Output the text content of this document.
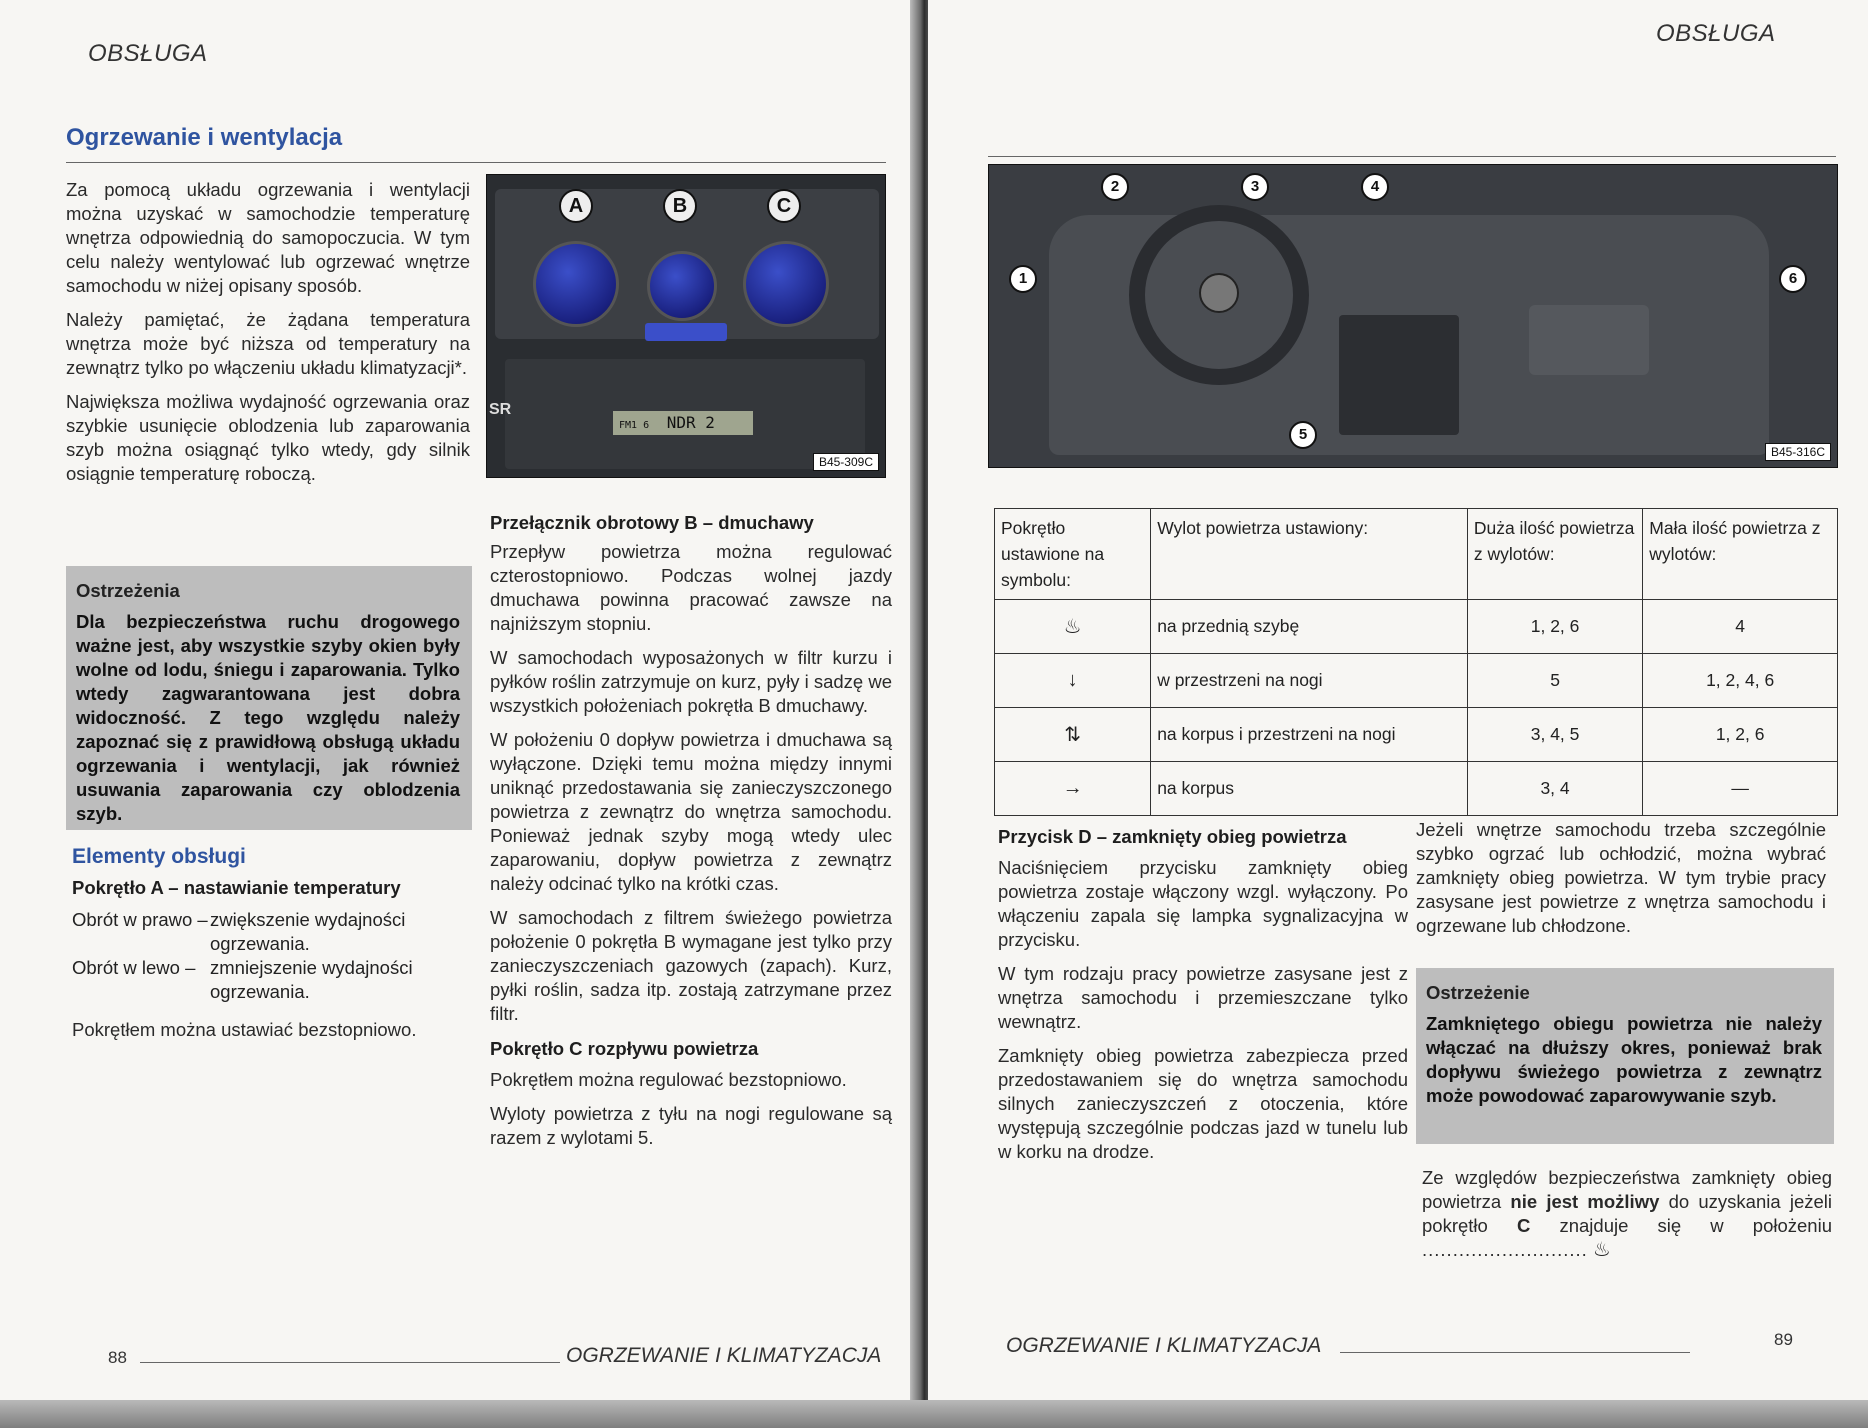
OBSŁUGA
Ogrzewanie i wentylacja

Za pomocą układu ogrzewania i wentylacji można uzyskać w samochodzie temperaturę wnętrza odpowiednią do samopoczucia. W tym celu należy wentylować lub ogrzewać wnętrze samochodu w niżej opisany sposób.

Należy pamiętać, że żądana temperatura wnętrza może być niższa od temperatury na zewnątrz tylko po włączeniu układu klimatyzacji*.

Największa możliwa wydajność ogrzewania oraz szybkie usunięcie oblodzenia lub zaparowania szyb można osiągnąć tylko wtedy, gdy silnik osiągnie temperaturę roboczą.

Ostrzeżenia
Dla bezpieczeństwa ruchu drogowego ważne jest, aby wszystkie szyby okien były wolne od lodu, śniegu i zaparowania. Tylko wtedy zagwarantowana jest dobra widoczność. Z tego względu należy zapoznać się z prawidłową obsługą układu ogrzewania i wentylacji, jak również usuwania zaparowania czy oblodzenia szyb.
Elementy obsługi
Pokrętło A – nastawianie temperatury
Obrót w prawo – zwiększenie wydajności ogrzewania.
Obrót w lewo – zmniejszenie wydajności ogrzewania.
Pokrętłem można ustawiać bezstopniowo.
A	B	C
SR
FM1 6 NDR 2
B45-309C
Przełącznik obrotowy B – dmuchawy

Przepływ powietrza można regulować czterostopniowo. Podczas wolnej jazdy dmuchawa powinna pracować zawsze na najniższym stopniu.

W samochodach wyposażonych w filtr kurzu i pyłków roślin zatrzymuje on kurz, pyły i sadzę we wszystkich położeniach pokrętła B dmuchawy.

W położeniu 0 dopływ powietrza i dmuchawa są wyłączone. Dzięki temu można między innymi uniknąć przedostawania się zanieczyszczonego powietrza z zewnątrz do wnętrza samochodu. Ponieważ jednak szyby mogą wtedy ulec zaparowaniu, dopływ powietrza z zewnątrz należy odcinać tylko na krótki czas.

W samochodach z filtrem świeżego powietrza położenie 0 pokrętła B wymagane jest tylko przy zanieczyszczeniach gazowych (zapach). Kurz, pyłki roślin, sadza itp. zostają zatrzymane przez filtr.

Pokrętło C rozpływu powietrza

Pokrętłem można regulować bezstopniowo.

Wyloty powietrza z tyłu na nogi regulowane są razem z wylotami 5.

88	OGRZEWANIE I KLIMATYZACJA
OBSŁUGA
2	3	4
1
5
6
B45-316C
Pokrętło ustawione na symbolu:	Wylot powietrza ustawiony:	Duża ilość powietrza z wylotów:	Mała ilość powietrza z wylotów:
♨	na przednią szybę	1, 2, 6	4
↓	w przestrzeni na nogi	5	1, 2, 4, 6
⇅	na korpus i przestrzeni na nogi	3, 4, 5	1, 2, 6
→	na korpus	3, 4	—
Przycisk D – zamknięty obieg powietrza

Naciśnięciem przycisku zamknięty obieg powietrza zostaje włączony wzgl. wyłączony. Po włączeniu zapala się lampka sygnalizacyjna w przycisku.

W tym rodzaju pracy powietrze zasysane jest z wnętrza samochodu i przemieszczane tylko wewnątrz.

Zamknięty obieg powietrza zabezpiecza przed przedostawaniem się do wnętrza samochodu silnych zanieczyszczeń z otoczenia, które występują szczególnie podczas jazd w tunelu lub w korku na drodze.

Jeżeli wnętrze samochodu trzeba szczególnie szybko ogrzać lub ochłodzić, można wybrać zamknięty obieg powietrza. W tym trybie pracy zasysane jest powietrze z wnętrza samochodu i ogrzewane lub chłodzone.
Ostrzeżenie
Zamkniętego obiegu powietrza nie należy włączać na dłuższy okres, ponieważ brak dopływu świeżego powietrza z zewnątrz może powodować zaparowywanie szyb.
Ze względów bezpieczeństwa zamknięty obieg powietrza nie jest możliwy do uzyskania jeżeli pokrętło C znajduje się w położeniu ........................... ♨
OGRZEWANIE I KLIMATYZACJA	89
